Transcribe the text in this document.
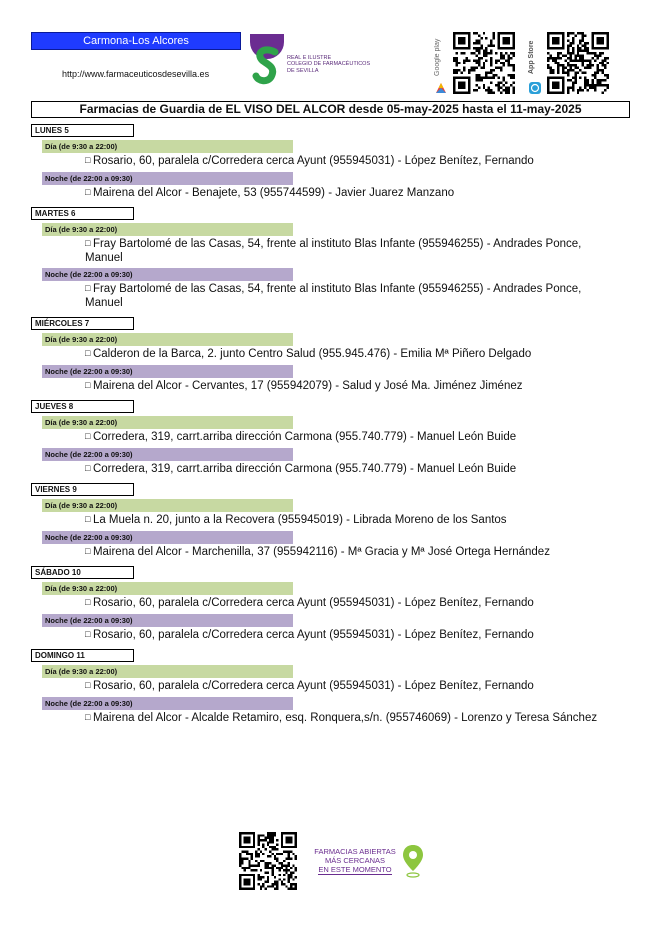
Carmona-Los Alcores
http://www.farmaceuticosdesevilla.es
REAL E ILUSTRE
COLEGIO DE FARMACÉUTICOS
DE SEVILLA	Google play	App Store
Farmacias de Guardia de EL VISO DEL ALCOR desde 05-may-2025 hasta el 11-may-2025
LUNES 5
Día (de 9:30 a 22:00)
□ Rosario, 60, paralela c/Corredera cerca Ayunt (955945031) - López Benítez, Fernando
Noche (de 22:00 a 09:30)
□ Mairena del Alcor - Benajete, 53 (955744599) - Javier Juarez Manzano
MARTES 6
Día (de 9:30 a 22:00)
□ Fray Bartolomé de las Casas, 54, frente al instituto Blas Infante (955946255) - Andrades Ponce, Manuel
Noche (de 22:00 a 09:30)
□ Fray Bartolomé de las Casas, 54, frente al instituto Blas Infante (955946255) - Andrades Ponce, Manuel
MIÉRCOLES 7
Día (de 9:30 a 22:00)
□ Calderon de la Barca, 2. junto Centro Salud (955.945.476) - Emilia Mª Piñero Delgado
Noche (de 22:00 a 09:30)
□ Mairena del Alcor - Cervantes, 17 (955942079) - Salud y José Ma. Jiménez Jiménez
JUEVES 8
Día (de 9:30 a 22:00)
□ Corredera, 319, carrt.arriba dirección Carmona (955.740.779) - Manuel León Buide
Noche (de 22:00 a 09:30)
□ Corredera, 319, carrt.arriba dirección Carmona (955.740.779) - Manuel León Buide
VIERNES 9
Día (de 9:30 a 22:00)
□ La Muela n. 20, junto a la Recovera (955945019) - Librada Moreno de los Santos
Noche (de 22:00 a 09:30)
□ Mairena del Alcor - Marchenilla, 37 (955942116) - Mª Gracia y Mª José Ortega Hernández
SÁBADO 10
Día (de 9:30 a 22:00)
□ Rosario, 60, paralela c/Corredera cerca Ayunt (955945031) - López Benítez, Fernando
Noche (de 22:00 a 09:30)
□ Rosario, 60, paralela c/Corredera cerca Ayunt (955945031) - López Benítez, Fernando
DOMINGO 11
Día (de 9:30 a 22:00)
□ Rosario, 60, paralela c/Corredera cerca Ayunt (955945031) - López Benítez, Fernando
Noche (de 22:00 a 09:30)
□ Mairena del Alcor - Alcalde Retamiro, esq. Ronquera,s/n. (955746069) - Lorenzo y Teresa Sánchez
FARMACIAS ABIERTAS
MÁS CERCANAS
EN ESTE MOMENTO
